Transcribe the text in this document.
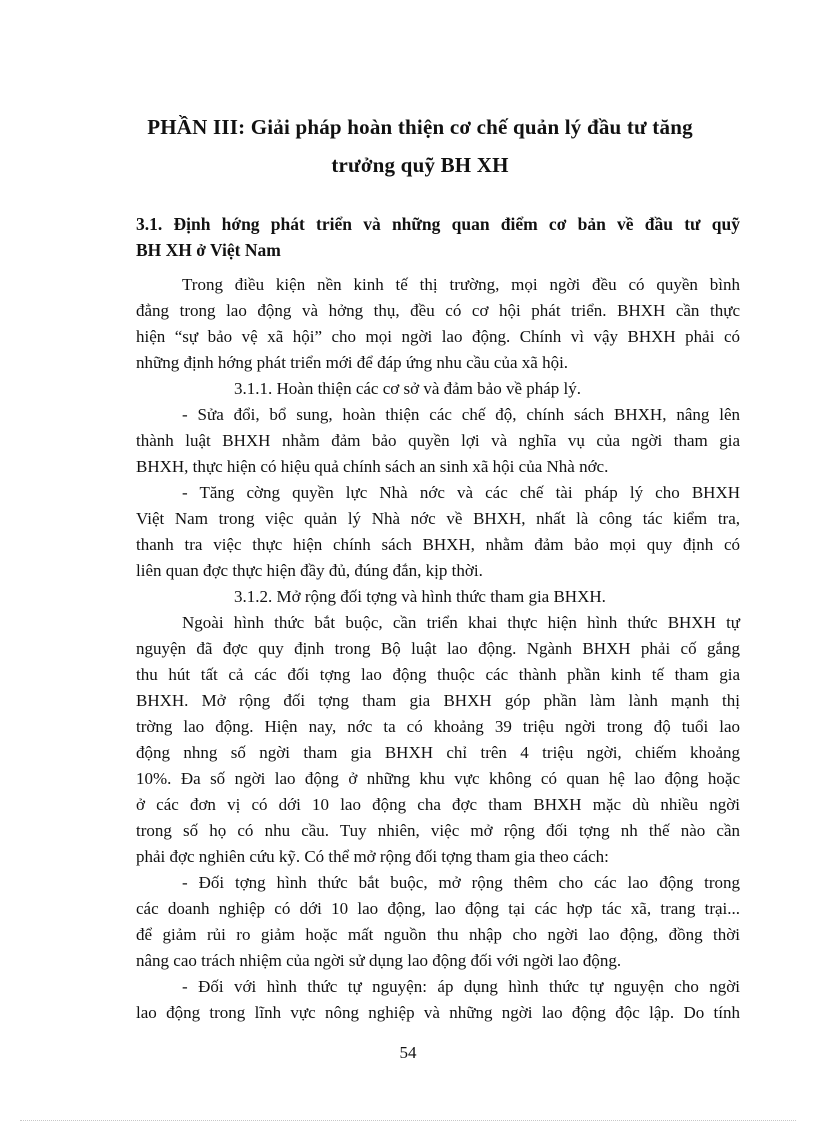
PHẦN III: Giải pháp hoàn thiện cơ chế quản lý đầu tư tăng
trưởng quỹ BH XH
3.1. Định hớng phát triển và những quan điểm cơ bản về đầu tư quỹ
BH XH ở Việt Nam
Trong điều kiện nền kinh tế thị trường, mọi ngời đều có quyền bình
đẳng trong lao động và hởng thụ, đều có cơ hội phát triển. BHXH cần thực
hiện “sự bảo vệ xã hội” cho mọi ngời lao động. Chính vì vậy BHXH phải có
những định hớng phát triển mới để đáp ứng nhu cầu của xã hội.
3.1.1. Hoàn thiện các cơ sở và đảm bảo về pháp lý.
- Sửa đổi, bổ sung, hoàn thiện các chế độ, chính sách BHXH, nâng lên
thành luật BHXH nhằm đảm bảo quyền lợi và nghĩa vụ của ngời tham gia
BHXH, thực hiện có hiệu quả chính sách an sinh xã hội của Nhà nớc.
- Tăng cờng quyền lực Nhà nớc và các chế tài pháp lý cho BHXH
Việt Nam trong việc quản lý Nhà nớc về BHXH, nhất là công tác kiểm tra,
thanh tra việc thực hiện chính sách BHXH, nhằm đảm bảo mọi quy định có
liên quan đợc thực hiện đầy đủ, đúng đắn, kịp thời.
3.1.2. Mở rộng đối tợng và hình thức tham gia BHXH.
Ngoài hình thức bắt buộc, cần triển khai thực hiện hình thức BHXH tự
nguyện đã đợc quy định trong Bộ luật lao động. Ngành BHXH phải cố gắng
thu hút tất cả các đối tợng lao động thuộc các thành phần kinh tế tham gia
BHXH. Mở rộng đối tợng tham gia BHXH góp phần làm lành mạnh thị
trờng lao động. Hiện nay, nớc ta có khoảng 39 triệu ngời trong độ tuổi lao
động nhng số ngời tham gia BHXH chỉ trên 4 triệu ngời, chiếm khoảng
10%. Đa số ngời lao động ở những khu vực không có quan hệ lao động hoặc
ở các đơn vị có dới 10 lao động cha đợc tham BHXH mặc dù nhiều ngời
trong số họ có nhu cầu. Tuy nhiên, việc mở rộng đối tợng nh thế nào cần
phải đợc nghiên cứu kỹ. Có thể mở rộng đối tợng tham gia theo cách:
- Đối tợng hình thức bắt buộc, mở rộng thêm cho các lao động trong
các doanh nghiệp có dới 10 lao động, lao động tại các hợp tác xã, trang trại...
để giảm rủi ro giảm hoặc mất nguồn thu nhập cho ngời lao động, đồng thời
nâng cao trách nhiệm của ngời sử dụng lao động đối với ngời lao động.
- Đối với hình thức tự nguyện: áp dụng hình thức tự nguyện cho ngời
lao động trong lĩnh vực nông nghiệp và những ngời lao động độc lập. Do tính
54
